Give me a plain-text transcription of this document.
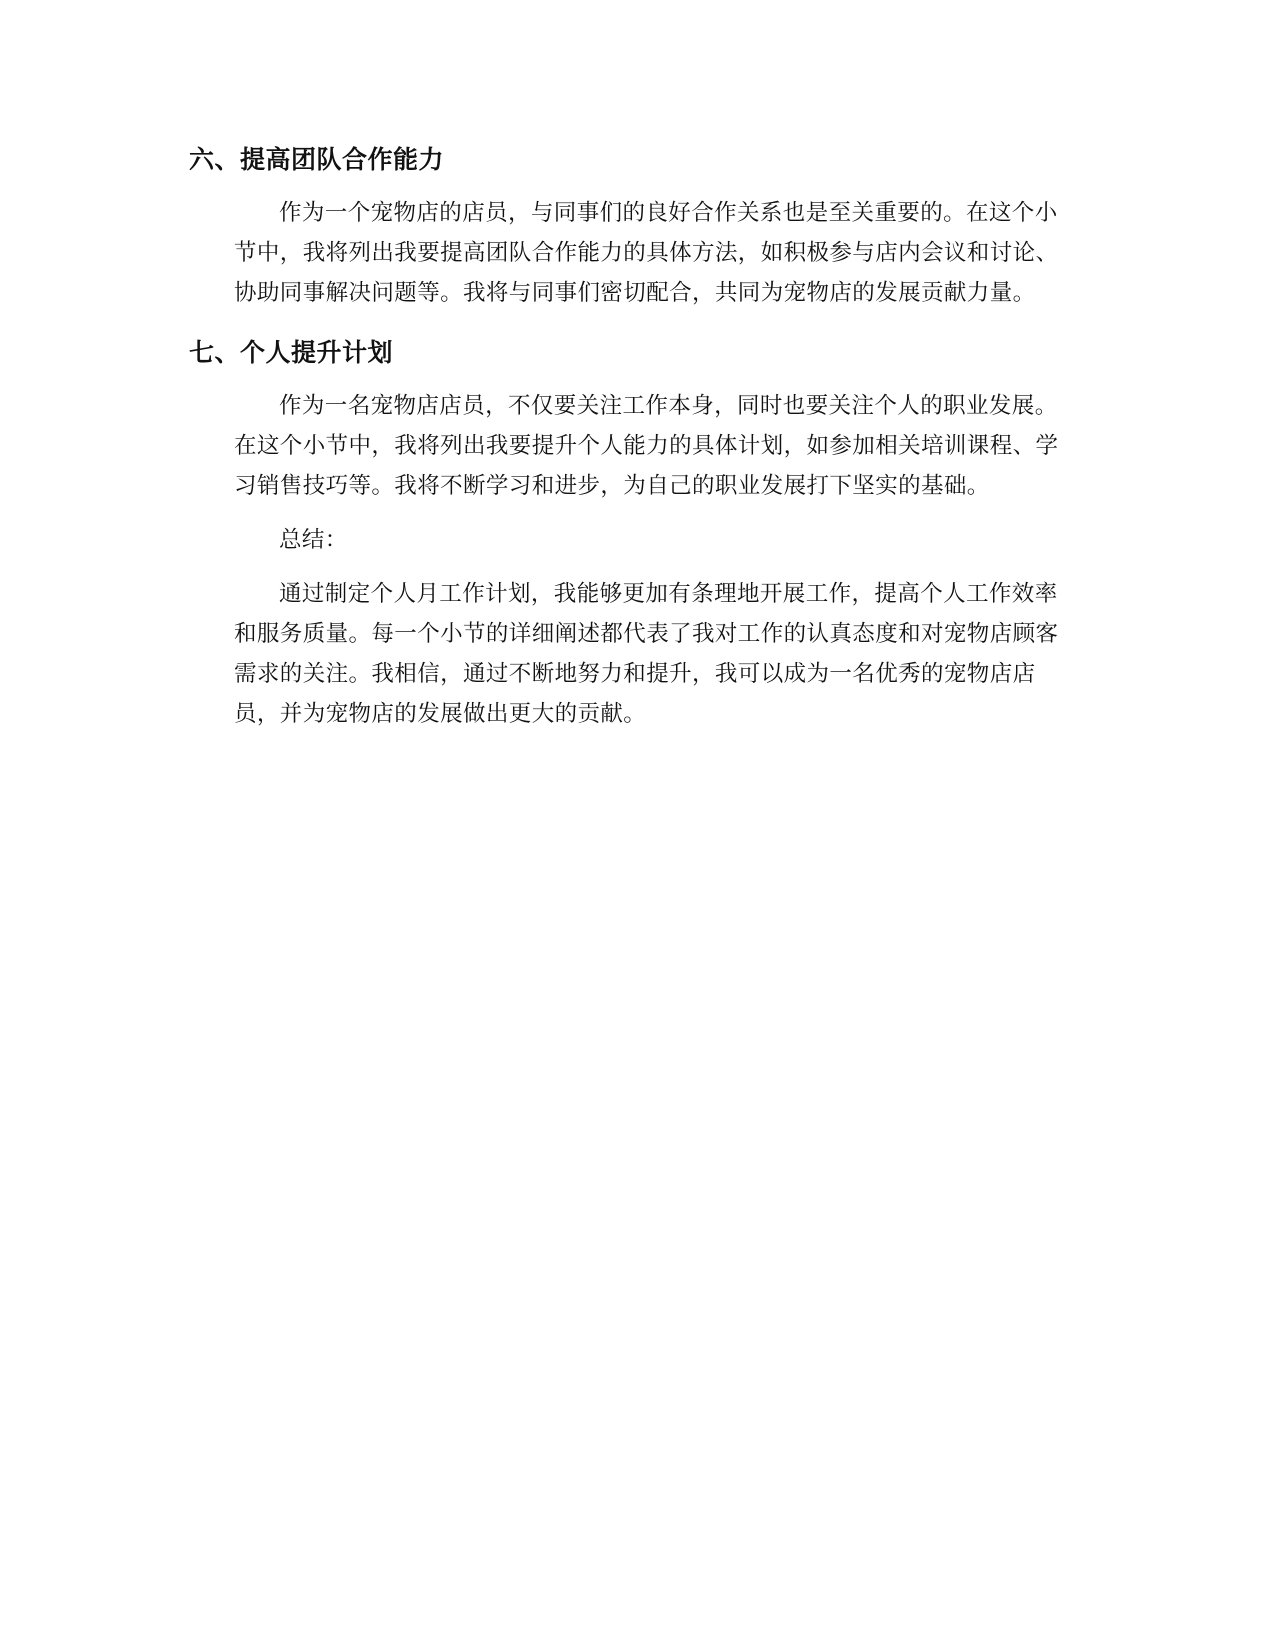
六、提高团队合作能力
作为一个宠物店的店员，与同事们的良好合作关系也是至关重要的。在这个小
节中，我将列出我要提高团队合作能力的具体方法，如积极参与店内会议和讨论、
协助同事解决问题等。我将与同事们密切配合，共同为宠物店的发展贡献力量。
七、个人提升计划
作为一名宠物店店员，不仅要关注工作本身，同时也要关注个人的职业发展。
在这个小节中，我将列出我要提升个人能力的具体计划，如参加相关培训课程、学
习销售技巧等。我将不断学习和进步，为自己的职业发展打下坚实的基础。
总结：
通过制定个人月工作计划，我能够更加有条理地开展工作，提高个人工作效率
和服务质量。每一个小节的详细阐述都代表了我对工作的认真态度和对宠物店顾客
需求的关注。我相信，通过不断地努力和提升，我可以成为一名优秀的宠物店店
员，并为宠物店的发展做出更大的贡献。
